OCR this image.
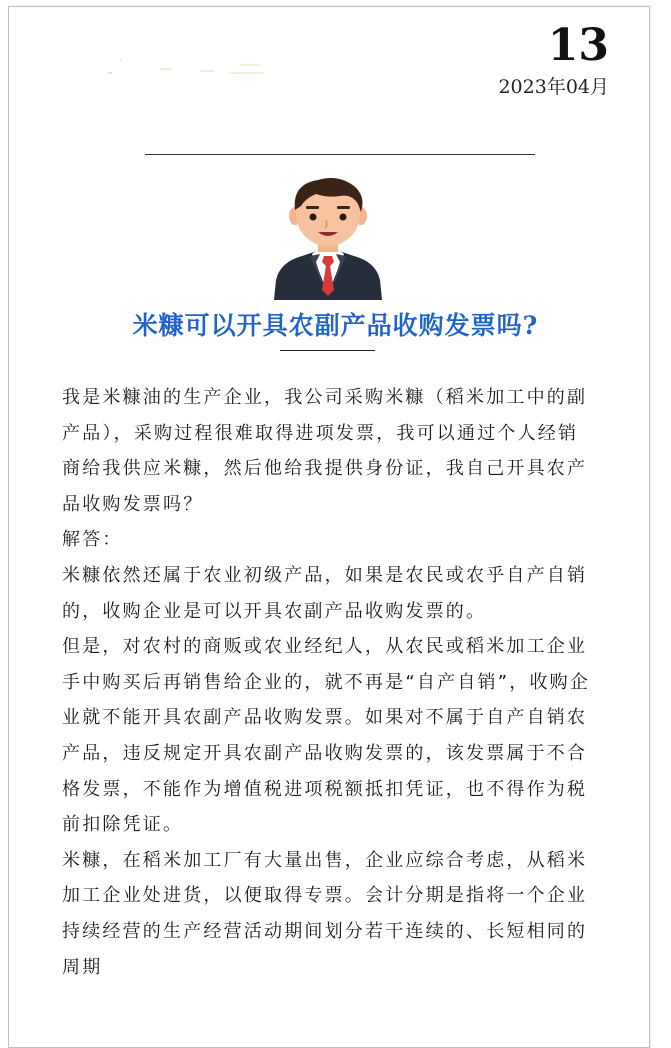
13
2023年04月
米糠可以开具农副产品收购发票吗?

我是米糠油的生产企业，我公司采购米糠（稻米加工中的副产品），采购过程很难取得进项发票，我可以通过个人经销商给我供应米糠，然后他给我提供身份证，我自己开具农产品收购发票吗？

解答：

米糠依然还属于农业初级产品，如果是农民或农乎自产自销的，收购企业是可以开具农副产品收购发票的。

但是，对农村的商贩或农业经纪人，从农民或稻米加工企业手中购买后再销售给企业的，就不再是“自产自销”，收购企业就不能开具农副产品收购发票。如果对不属于自产自销农产品，违反规定开具农副产品收购发票的，该发票属于不合格发票，不能作为增值税进项税额抵扣凭证，也不得作为税前扣除凭证。

米糠，在稻米加工厂有大量出售，企业应综合考虑，从稻米加工企业处进货，以便取得专票。会计分期是指将一个企业持续经营的生产经营活动期间划分若干连续的、长短相同的周期
